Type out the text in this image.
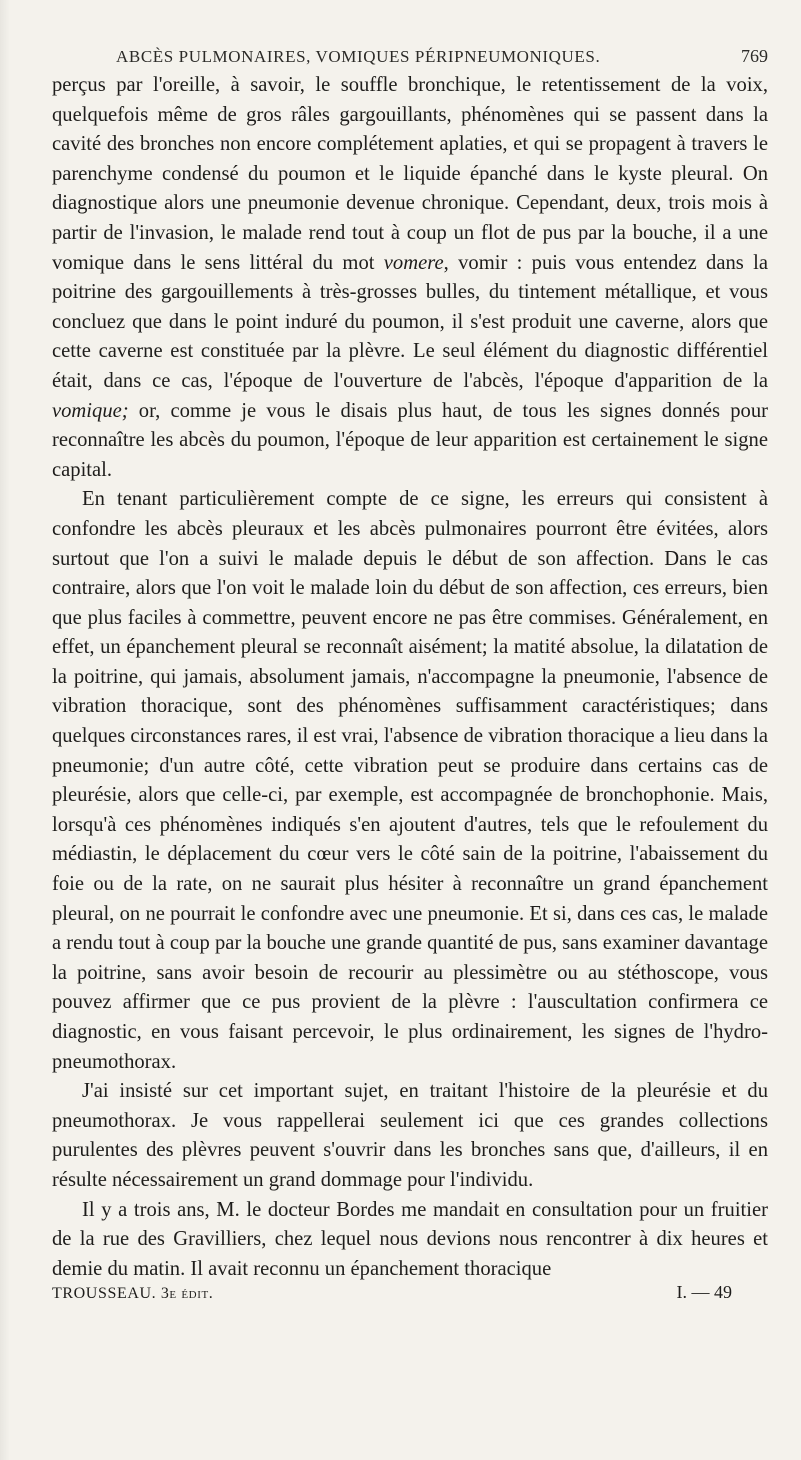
ABCÈS PULMONAIRES, VOMIQUES PÉRIPNEUMONIQUES.	769

perçus par l'oreille, à savoir, le souffle bronchique, le retentissement de la voix, quelquefois même de gros râles gargouillants, phénomènes qui se passent dans la cavité des bronches non encore complétement aplaties, et qui se propagent à travers le parenchyme condensé du poumon et le liquide épanché dans le kyste pleural. On diagnostique alors une pneumonie devenue chronique. Cependant, deux, trois mois à partir de l'invasion, le malade rend tout à coup un flot de pus par la bouche, il a une vomique dans le sens littéral du mot vomere, vomir : puis vous entendez dans la poitrine des gargouillements à très-grosses bulles, du tintement métallique, et vous concluez que dans le point induré du poumon, il s'est produit une caverne, alors que cette caverne est constituée par la plèvre. Le seul élément du diagnostic différentiel était, dans ce cas, l'époque de l'ouverture de l'abcès, l'époque d'apparition de la vomique; or, comme je vous le disais plus haut, de tous les signes donnés pour reconnaître les abcès du poumon, l'époque de leur apparition est certainement le signe capital.

En tenant particulièrement compte de ce signe, les erreurs qui consistent à confondre les abcès pleuraux et les abcès pulmonaires pourront être évitées, alors surtout que l'on a suivi le malade depuis le début de son affection. Dans le cas contraire, alors que l'on voit le malade loin du début de son affection, ces erreurs, bien que plus faciles à commettre, peuvent encore ne pas être commises. Généralement, en effet, un épanchement pleural se reconnaît aisément; la matité absolue, la dilatation de la poitrine, qui jamais, absolument jamais, n'accompagne la pneumonie, l'absence de vibration thoracique, sont des phénomènes suffisamment caractéristiques; dans quelques circonstances rares, il est vrai, l'absence de vibration thoracique a lieu dans la pneumonie; d'un autre côté, cette vibration peut se produire dans certains cas de pleurésie, alors que celle-ci, par exemple, est accompagnée de bronchophonie. Mais, lorsqu'à ces phénomènes indiqués s'en ajoutent d'autres, tels que le refoulement du médiastin, le déplacement du cœur vers le côté sain de la poitrine, l'abaissement du foie ou de la rate, on ne saurait plus hésiter à reconnaître un grand épanchement pleural, on ne pourrait le confondre avec une pneumonie. Et si, dans ces cas, le malade a rendu tout à coup par la bouche une grande quantité de pus, sans examiner davantage la poitrine, sans avoir besoin de recourir au plessimètre ou au stéthoscope, vous pouvez affirmer que ce pus provient de la plèvre : l'auscultation confirmera ce diagnostic, en vous faisant percevoir, le plus ordinairement, les signes de l'hydro-pneumothorax.

J'ai insisté sur cet important sujet, en traitant l'histoire de la pleurésie et du pneumothorax. Je vous rappellerai seulement ici que ces grandes collections purulentes des plèvres peuvent s'ouvrir dans les bronches sans que, d'ailleurs, il en résulte nécessairement un grand dommage pour l'individu.

Il y a trois ans, M. le docteur Bordes me mandait en consultation pour un fruitier de la rue des Gravilliers, chez lequel nous devions nous rencontrer à dix heures et demie du matin. Il avait reconnu un épanchement thoracique

TROUSSEAU. 3e édit.	I. — 49
